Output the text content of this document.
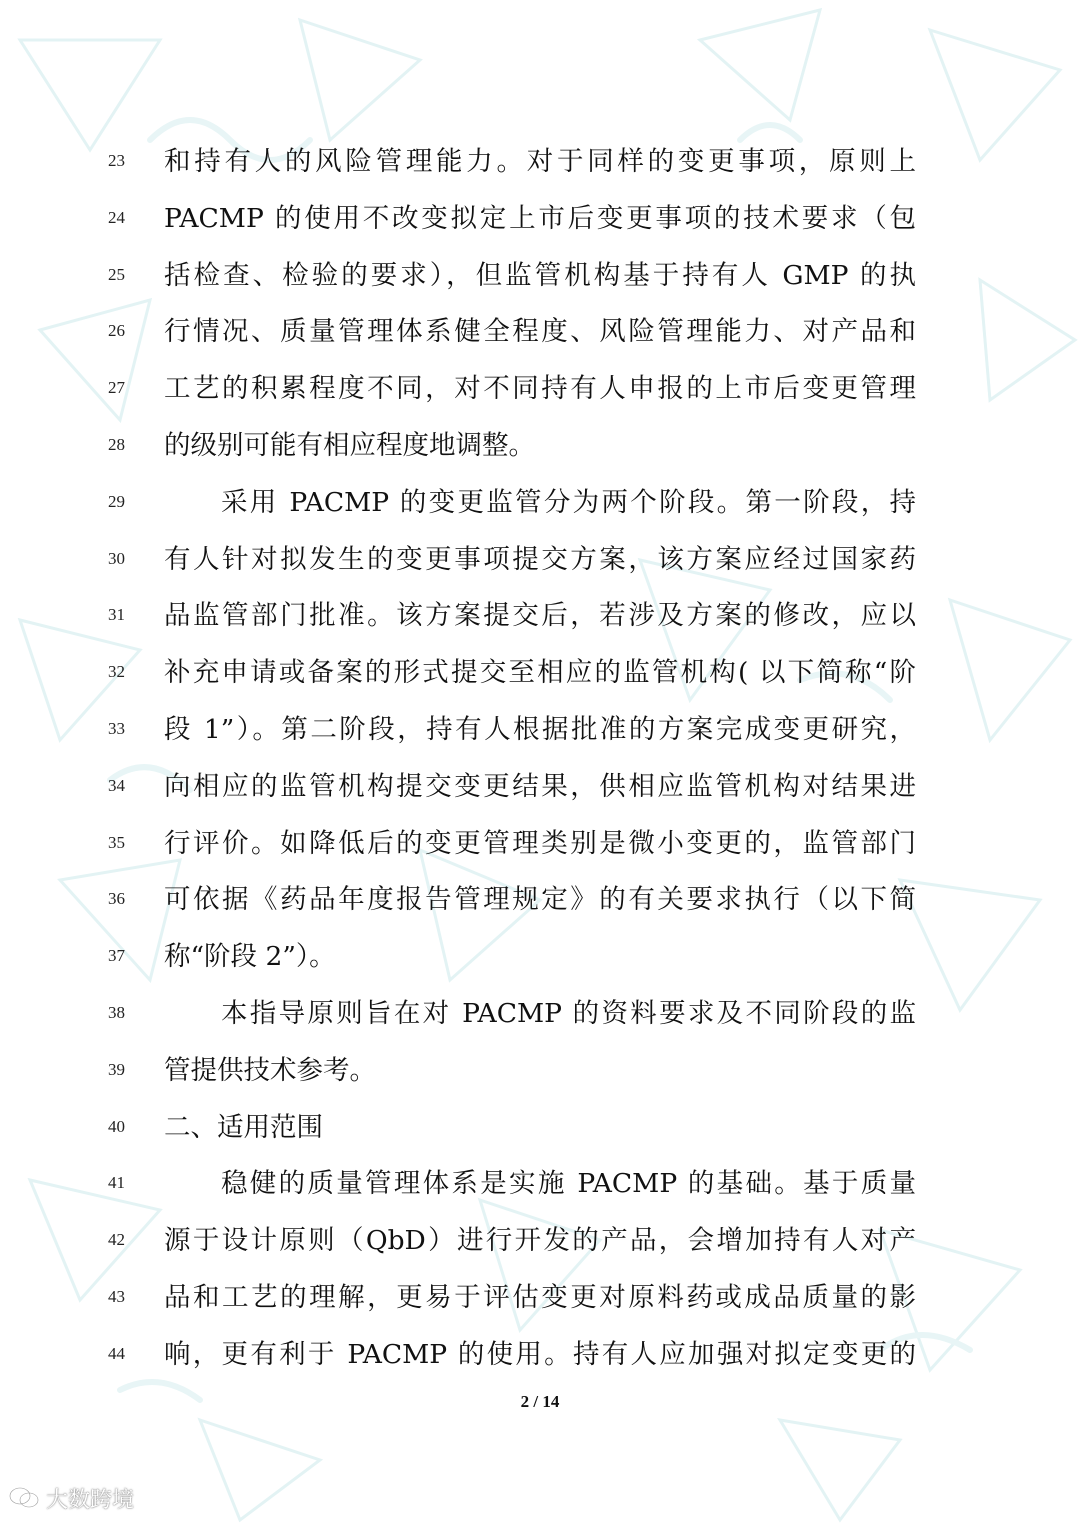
23	和持有人的风险管理能力。对于同样的变更事项，原则上
24	PACMP 的使用不改变拟定上市后变更事项的技术要求（包
25	括检查、检验的要求），但监管机构基于持有人 GMP 的执
26	行情况、质量管理体系健全程度、风险管理能力、对产品和
27	工艺的积累程度不同，对不同持有人申报的上市后变更管理
28	的级别可能有相应程度地调整。
29	采用 PACMP 的变更监管分为两个阶段。第一阶段，持
30	有人针对拟发生的变更事项提交方案，该方案应经过国家药
31	品监管部门批准。该方案提交后，若涉及方案的修改，应以
32	补充申请或备案的形式提交至相应的监管机构( 以下简称“阶
33	段 1”）。第二阶段，持有人根据批准的方案完成变更研究，
34	向相应的监管机构提交变更结果，供相应监管机构对结果进
35	行评价。如降低后的变更管理类别是微小变更的，监管部门
36	可依据《药品年度报告管理规定》的有关要求执行（以下简
37	称“阶段 2”）。
38	本指导原则旨在对 PACMP 的资料要求及不同阶段的监
39	管提供技术参考。
40	二、适用范围
41	稳健的质量管理体系是实施 PACMP 的基础。基于质量
42	源于设计原则（QbD）进行开发的产品，会增加持有人对产
43	品和工艺的理解，更易于评估变更对原料药或成品质量的影
44	响，更有利于 PACMP 的使用。持有人应加强对拟定变更的
2 / 14
大数跨境
